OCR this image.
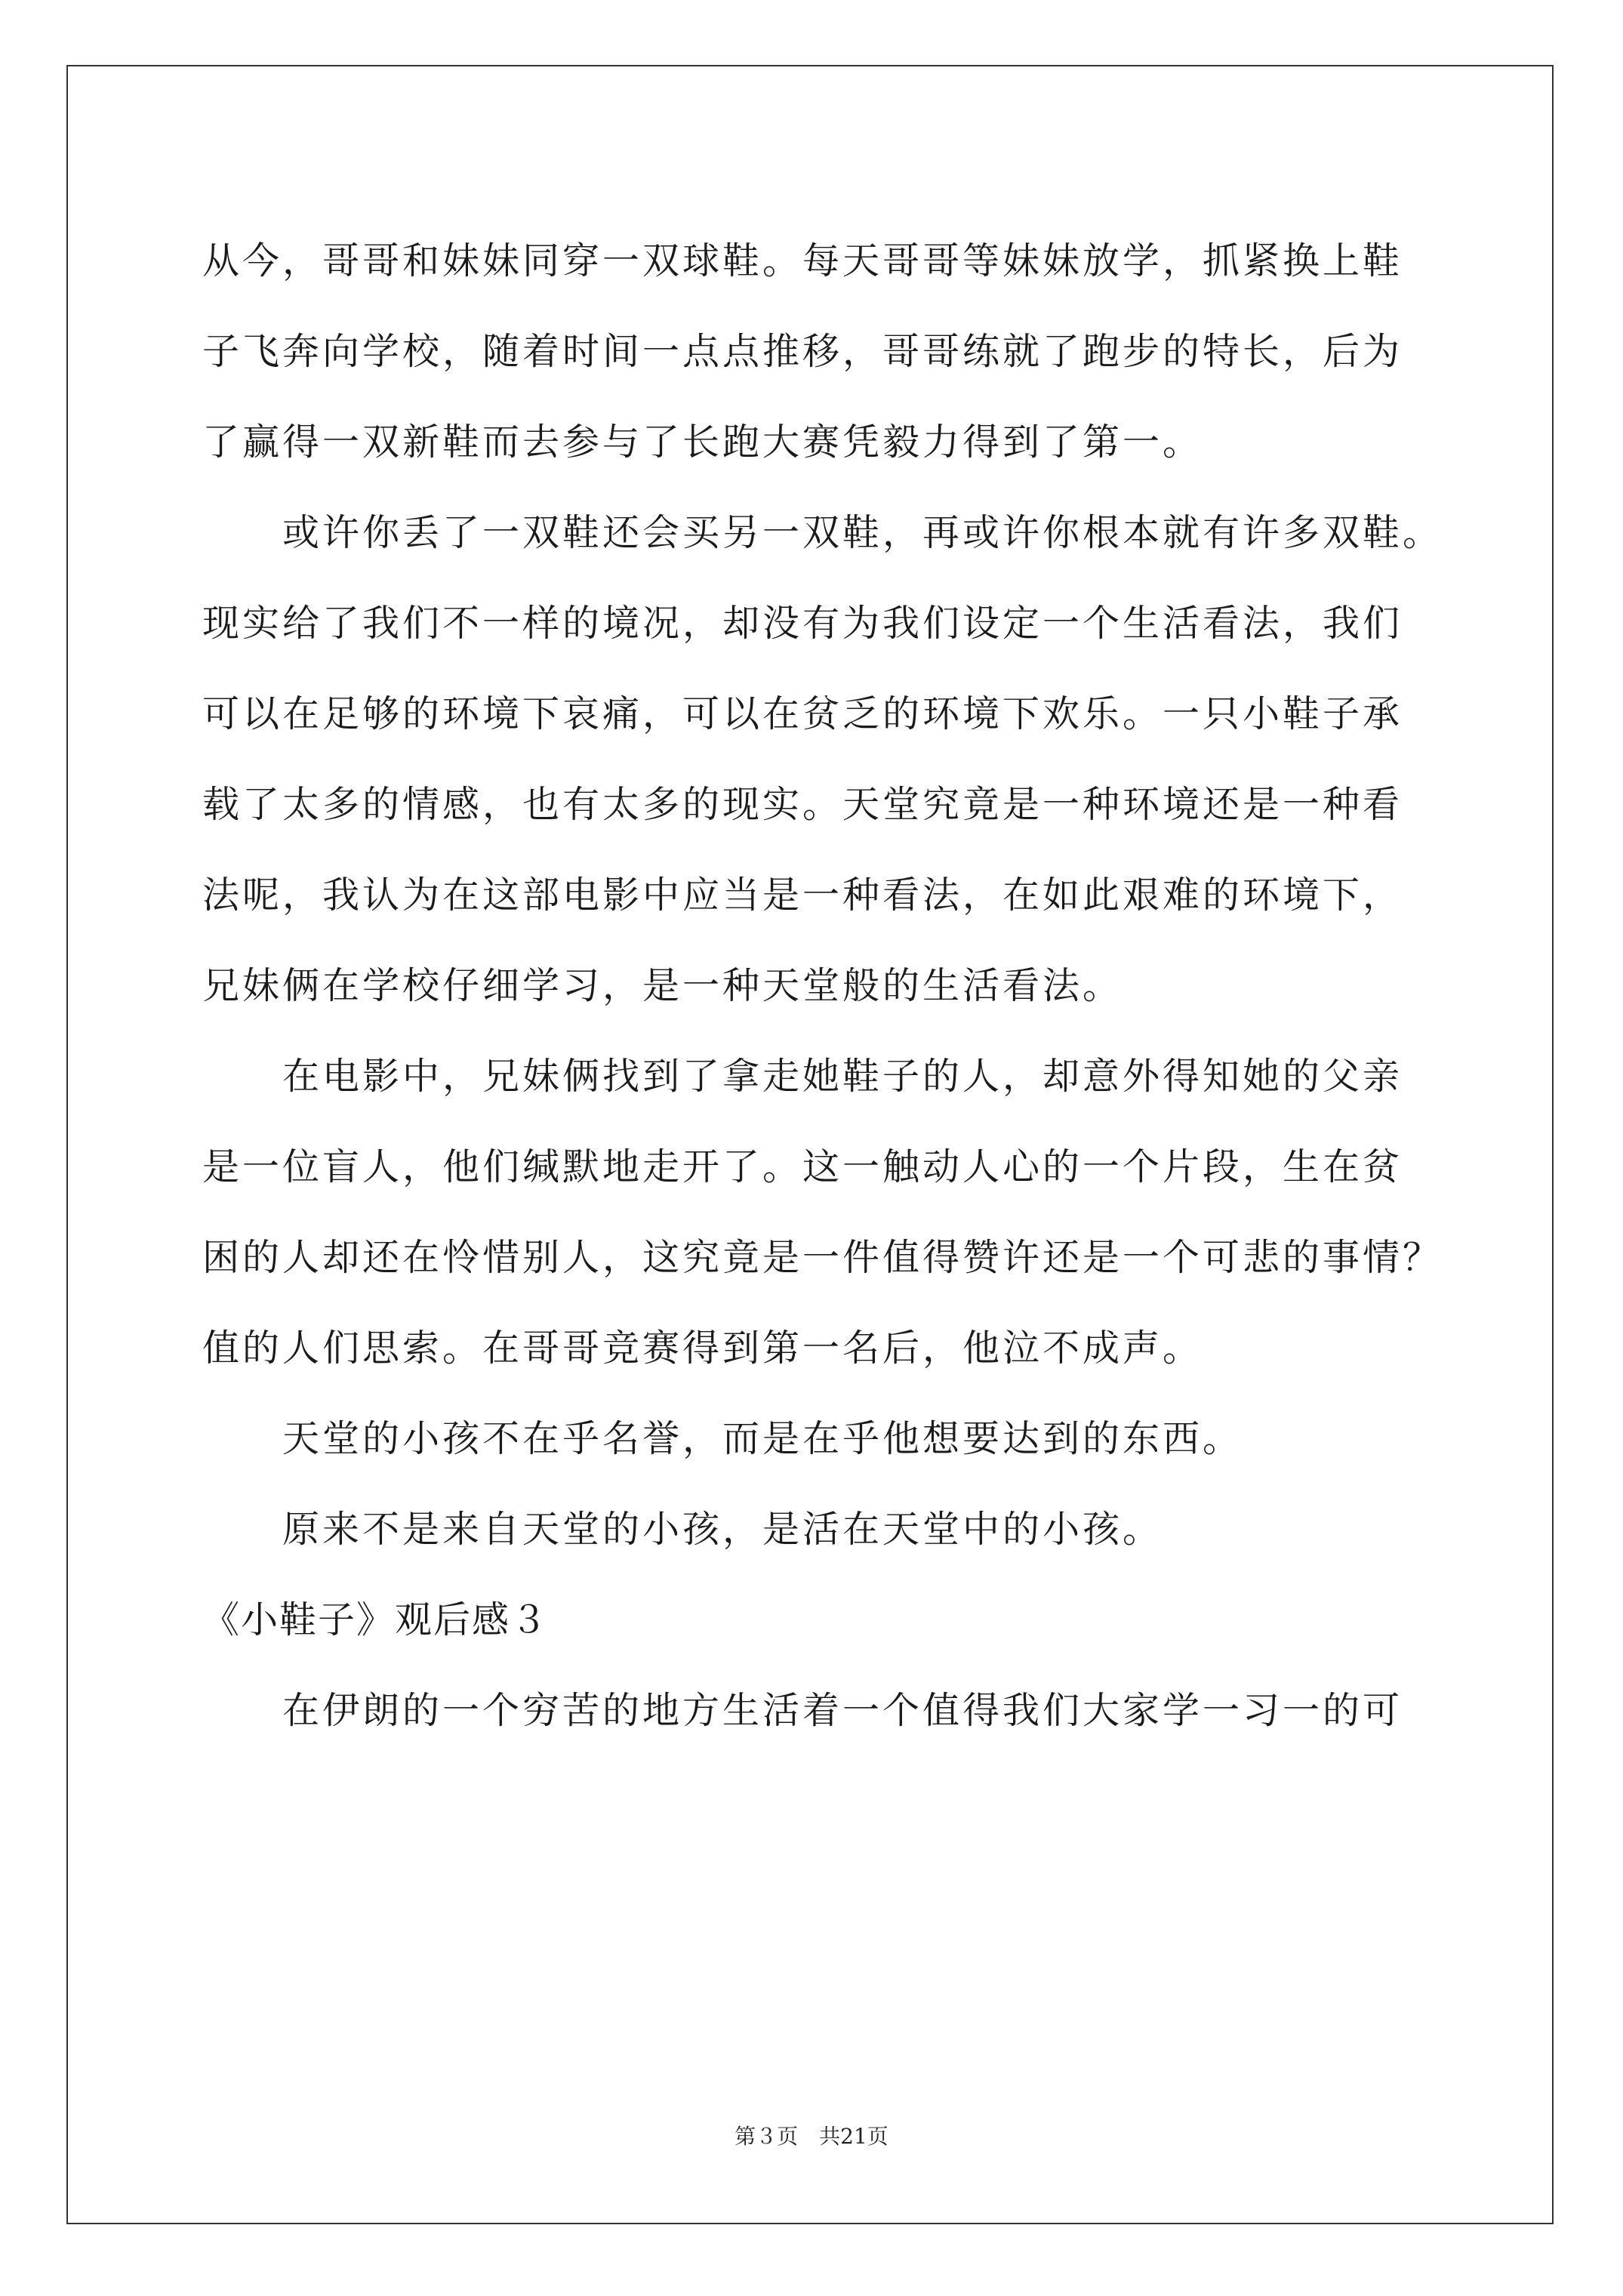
从今，哥哥和妹妹同穿一双球鞋。每天哥哥等妹妹放学，抓紧换上鞋
子飞奔向学校，随着时间一点点推移，哥哥练就了跑步的特长，后为
了赢得一双新鞋而去参与了长跑大赛凭毅力得到了第一。
或许你丢了一双鞋还会买另一双鞋，再或许你根本就有许多双鞋。
现实给了我们不一样的境况，却没有为我们设定一个生活看法，我们
可以在足够的环境下哀痛，可以在贫乏的环境下欢乐。一只小鞋子承
载了太多的情感，也有太多的现实。天堂究竟是一种环境还是一种看
法呢，我认为在这部电影中应当是一种看法，在如此艰难的环境下，
兄妹俩在学校仔细学习，是一种天堂般的生活看法。
在电影中，兄妹俩找到了拿走她鞋子的人，却意外得知她的父亲
是一位盲人，他们缄默地走开了。这一触动人心的一个片段，生在贫
困的人却还在怜惜别人，这究竟是一件值得赞许还是一个可悲的事情？
值的人们思索。在哥哥竞赛得到第一名后，他泣不成声。
天堂的小孩不在乎名誉，而是在乎他想要达到的东西。
原来不是来自天堂的小孩，是活在天堂中的小孩。
《小鞋子》观后感３
在伊朗的一个穷苦的地方生活着一个值得我们大家学一习一的可
第３页　共21页
